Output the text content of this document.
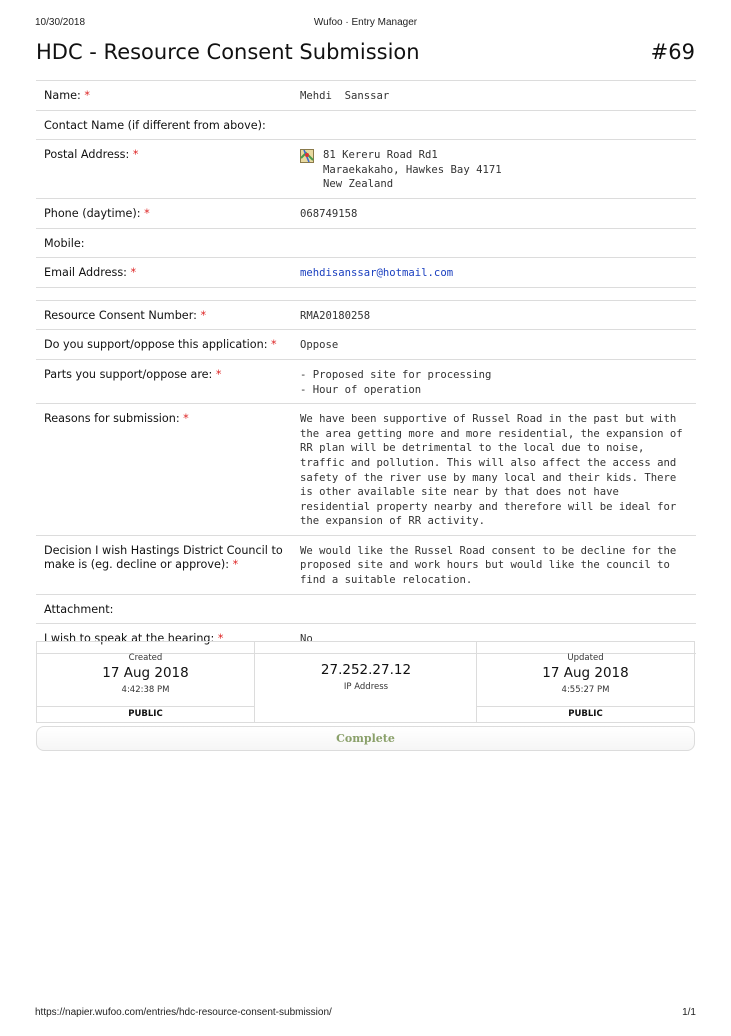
10/30/2018	Wufoo · Entry Manager
HDC - Resource Consent Submission	#69
Name: *	Mehdi  Sanssar
Contact Name (if different from above):	
Postal Address: *	81 Kereru Road Rd1
Maraekakaho, Hawkes Bay 4171
New Zealand

Phone (daytime): *	068749158
Mobile:	
Email Address: *	mehdisanssar@hotmail.com

Resource Consent Number: *	RMA20180258
Do you support/oppose this application: *	Oppose
Parts you support/oppose are: *	- Proposed site for processing
- Hour of operation

Reasons for submission: *	We have been supportive of Russel Road in the past but with the area getting more and more residential, the expansion of RR plan will be detrimental to the local due to noise, traffic and pollution. This will also affect the access and safety of the river use by many local and their kids. There is other available site near by that does not have residential property nearby and therefore will be ideal for the expansion of RR activity.
Decision I wish Hastings District Council to make is (eg. decline or approve): *	We would like the Russel Road consent to be decline for the proposed site and work hours but would like the council to find a suitable relocation.
Attachment:	
I wish to speak at the hearing: *	No
Created
17 Aug 2018
4:42:38 PM
PUBLIC
27.252.27.12
IP Address
Updated
17 Aug 2018
4:55:27 PM
PUBLIC
Complete
https://napier.wufoo.com/entries/hdc-resource-consent-submission/	1/1
